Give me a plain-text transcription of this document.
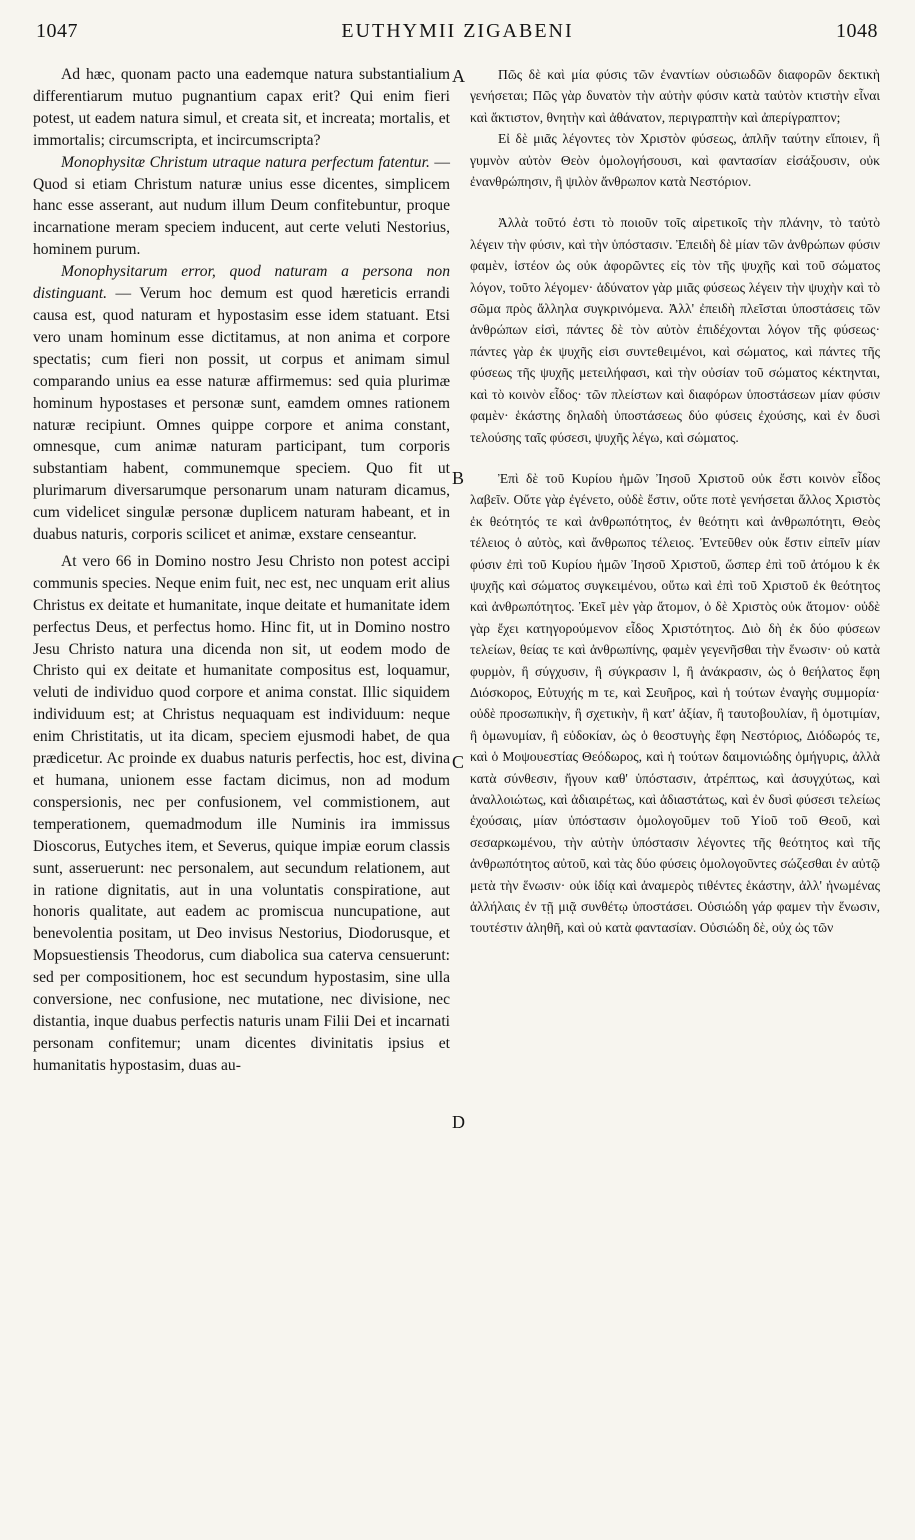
1047	EUTHYMII ZIGABENI	1048
A
B
C
D

Ad hæc, quonam pacto una eademque natura substantialium differentiarum mutuo pugnantium capax erit? Qui enim fieri potest, ut eadem natura simul, et creata sit, et increata; mortalis, et immortalis; circumscripta, et incircumscripta?

Monophysitæ Christum utraque natura perfectum fatentur. — Quod si etiam Christum naturæ unius esse dicentes, simplicem hanc esse asserant, aut nudum illum Deum confitebuntur, proque incarnatione meram speciem inducent, aut certe veluti Nestorius, hominem purum.

Monophysitarum error, quod naturam a persona non distinguant. — Verum hoc demum est quod hæreticis errandi causa est, quod naturam et hypostasim esse idem statuant. Etsi vero unam hominum esse dictitamus, at non anima et corpore spectatis; cum fieri non possit, ut corpus et animam simul comparando unius ea esse naturæ affirmemus: sed quia plurimæ hominum hypostases et personæ sunt, eamdem omnes rationem naturæ recipiunt. Omnes quippe corpore et anima constant, omnesque, cum animæ naturam participant, tum corporis substantiam habent, communemque speciem. Quo fit ut plurimarum diversarumque personarum unam naturam dicamus, cum videlicet singulæ personæ duplicem naturam habeant, et in duabus naturis, corporis scilicet et animæ, exstare censeantur.

At vero 66 in Domino nostro Jesu Christo non potest accipi communis species. Neque enim fuit, nec est, nec unquam erit alius Christus ex deitate et humanitate, inque deitate et humanitate idem perfectus Deus, et perfectus homo. Hinc fit, ut in Domino nostro Jesu Christo natura una dicenda non sit, ut eodem modo de Christo qui ex deitate et humanitate compositus est, loquamur, veluti de individuo quod corpore et anima constat. Illic siquidem individuum est; at Christus nequaquam est individuum: neque enim Christitatis, ut ita dicam, speciem ejusmodi habet, de qua prædicetur. Ac proinde ex duabus naturis perfectis, hoc est, divina et humana, unionem esse factam dicimus, non ad modum conspersionis, nec per confusionem, vel commistionem, aut temperationem, quemadmodum ille Numinis ira immissus Dioscorus, Eutyches item, et Severus, quique impiæ eorum classis sunt, asseruerunt: nec personalem, aut secundum relationem, aut in ratione dignitatis, aut in una voluntatis conspiratione, aut honoris qualitate, aut eadem ac promiscua nuncupatione, aut benevolentia positam, ut Deo invisus Nestorius, Diodorusque, et Mopsuestiensis Theodorus, cum diabolica sua caterva censuerunt: sed per compositionem, hoc est secundum hypostasim, sine ulla conversione, nec confusione, nec mutatione, nec divisione, nec distantia, inque duabus perfectis naturis unam Filii Dei et incarnati personam confitemur; unam dicentes divinitatis ipsius et humanitatis hypostasim, duas au-

Πῶς δὲ καὶ μία φύσις τῶν ἐναντίων οὐσιωδῶν διαφορῶν δεκτικὴ γενήσεται; Πῶς γὰρ δυνατὸν τὴν αὐτὴν φύσιν κατὰ ταὐτὸν κτιστὴν εἶναι καὶ ἄκτιστον, θνητὴν καὶ ἀθάνατον, περιγραπτὴν καὶ ἀπερίγραπτον;

Εἰ δὲ μιᾶς λέγοντες τὸν Χριστὸν φύσεως, ἁπλῆν ταύτην εἴποιεν, ἢ γυμνὸν αὐτὸν Θεὸν ὁμολογήσουσι, καὶ φαντασίαν εἰσάξουσιν, οὐκ ἐνανθρώπησιν, ἢ ψιλὸν ἄνθρωπον κατὰ Νεστόριον.

Ἀλλὰ τοῦτό ἐστι τὸ ποιοῦν τοῖς αἱρετικοῖς τὴν πλάνην, τὸ ταὐτὸ λέγειν τὴν φύσιν, καὶ τὴν ὑπόστασιν. Ἐπειδὴ δὲ μίαν τῶν ἀνθρώπων φύσιν φαμὲν, ἰστέον ὡς οὐκ ἀφορῶντες εἰς τὸν τῆς ψυχῆς καὶ τοῦ σώματος λόγον, τοῦτο λέγομεν· ἀδύνατον γὰρ μιᾶς φύσεως λέγειν τὴν ψυχὴν καὶ τὸ σῶμα πρὸς ἄλληλα συγκρινόμενα. Ἀλλ' ἐπειδὴ πλεῖσται ὑποστάσεις τῶν ἀνθρώπων εἰσὶ, πάντες δὲ τὸν αὐτὸν ἐπιδέχονται λόγον τῆς φύσεως· πάντες γὰρ ἐκ ψυχῆς εἰσι συντεθειμένοι, καὶ σώματος, καὶ πάντες τῆς φύσεως τῆς ψυχῆς μετειλήφασι, καὶ τὴν οὐσίαν τοῦ σώματος κέκτηνται, καὶ τὸ κοινὸν εἶδος· τῶν πλείστων καὶ διαφόρων ὑποστάσεων μίαν φύσιν φαμὲν· ἑκάστης δηλαδὴ ὑποστάσεως δύο φύσεις ἐχούσης, καὶ ἐν δυσὶ τελούσης ταῖς φύσεσι, ψυχῆς λέγω, καὶ σώματος.

Ἐπὶ δὲ τοῦ Κυρίου ἡμῶν Ἰησοῦ Χριστοῦ οὐκ ἔστι κοινὸν εἶδος λαβεῖν. Οὔτε γὰρ ἐγένετο, οὐδὲ ἔστιν, οὔτε ποτὲ γενήσεται ἄλλος Χριστὸς ἐκ θεότητός τε καὶ ἀνθρωπότητος, ἐν θεότητι καὶ ἀνθρωπότητι, Θεὸς τέλειος ὁ αὐτὸς, καὶ ἄνθρωπος τέλειος. Ἐντεῦθεν οὐκ ἔστιν εἰπεῖν μίαν φύσιν ἐπὶ τοῦ Κυρίου ἡμῶν Ἰησοῦ Χριστοῦ, ὥσπερ ἐπὶ τοῦ ἀτόμου k ἐκ ψυχῆς καὶ σώματος συγκειμένου, οὕτω καὶ ἐπὶ τοῦ Χριστοῦ ἐκ θεότητος καὶ ἀνθρωπότητος. Ἐκεῖ μὲν γὰρ ἄτομον, ὁ δὲ Χριστὸς οὐκ ἄτομον· οὐδὲ γὰρ ἔχει κατηγορούμενον εἶδος Χριστότητος. Διὸ δὴ ἐκ δύο φύσεων τελείων, θείας τε καὶ ἀνθρωπίνης, φαμὲν γεγενῆσθαι τὴν ἕνωσιν· οὐ κατὰ φυρμὸν, ἢ σύγχυσιν, ἢ σύγκρασιν l, ἢ ἀνάκρασιν, ὡς ὁ θεήλατος ἔφη Διόσκορος, Εὐτυχής m τε, καὶ Σευῆρος, καὶ ἡ τούτων ἐναγὴς συμμορία· οὐδὲ προσωπικὴν, ἢ σχετικὴν, ἢ κατ' ἀξίαν, ἢ ταυτοβουλίαν, ἢ ὁμοτιμίαν, ἢ ὁμωνυμίαν, ἢ εὐδοκίαν, ὡς ὁ θεοστυγὴς ἔφη Νεστόριος, Διόδωρός τε, καὶ ὁ Μοψουεστίας Θεόδωρος, καὶ ἡ τούτων δαιμονιώδης ὁμήγυρις, ἀλλὰ κατὰ σύνθεσιν, ἤγουν καθ' ὑπόστασιν, ἀτρέπτως, καὶ ἀσυγχύτως, καὶ ἀναλλοιώτως, καὶ ἀδιαιρέτως, καὶ ἀδιαστάτως, καὶ ἐν δυσὶ φύσεσι τελείως ἐχούσαις, μίαν ὑπόστασιν ὁμολογοῦμεν τοῦ Υἱοῦ τοῦ Θεοῦ, καὶ σεσαρκωμένου, τὴν αὐτὴν ὑπόστασιν λέγοντες τῆς θεότητος καὶ τῆς ἀνθρωπότητος αὐτοῦ, καὶ τὰς δύο φύσεις ὁμολογοῦντες σώζεσθαι ἐν αὐτῷ μετὰ τὴν ἕνωσιν· οὐκ ἰδίᾳ καὶ ἀναμερὸς τιθέντες ἑκάστην, ἀλλ' ἡνωμένας ἀλλήλαις ἐν τῇ μιᾷ συνθέτῳ ὑποστάσει. Οὐσιώδη γάρ φαμεν τὴν ἕνωσιν, τουτέστιν ἀληθῆ, καὶ οὐ κατὰ φαντασίαν. Οὐσιώδη δὲ, οὐχ ὡς τῶν
